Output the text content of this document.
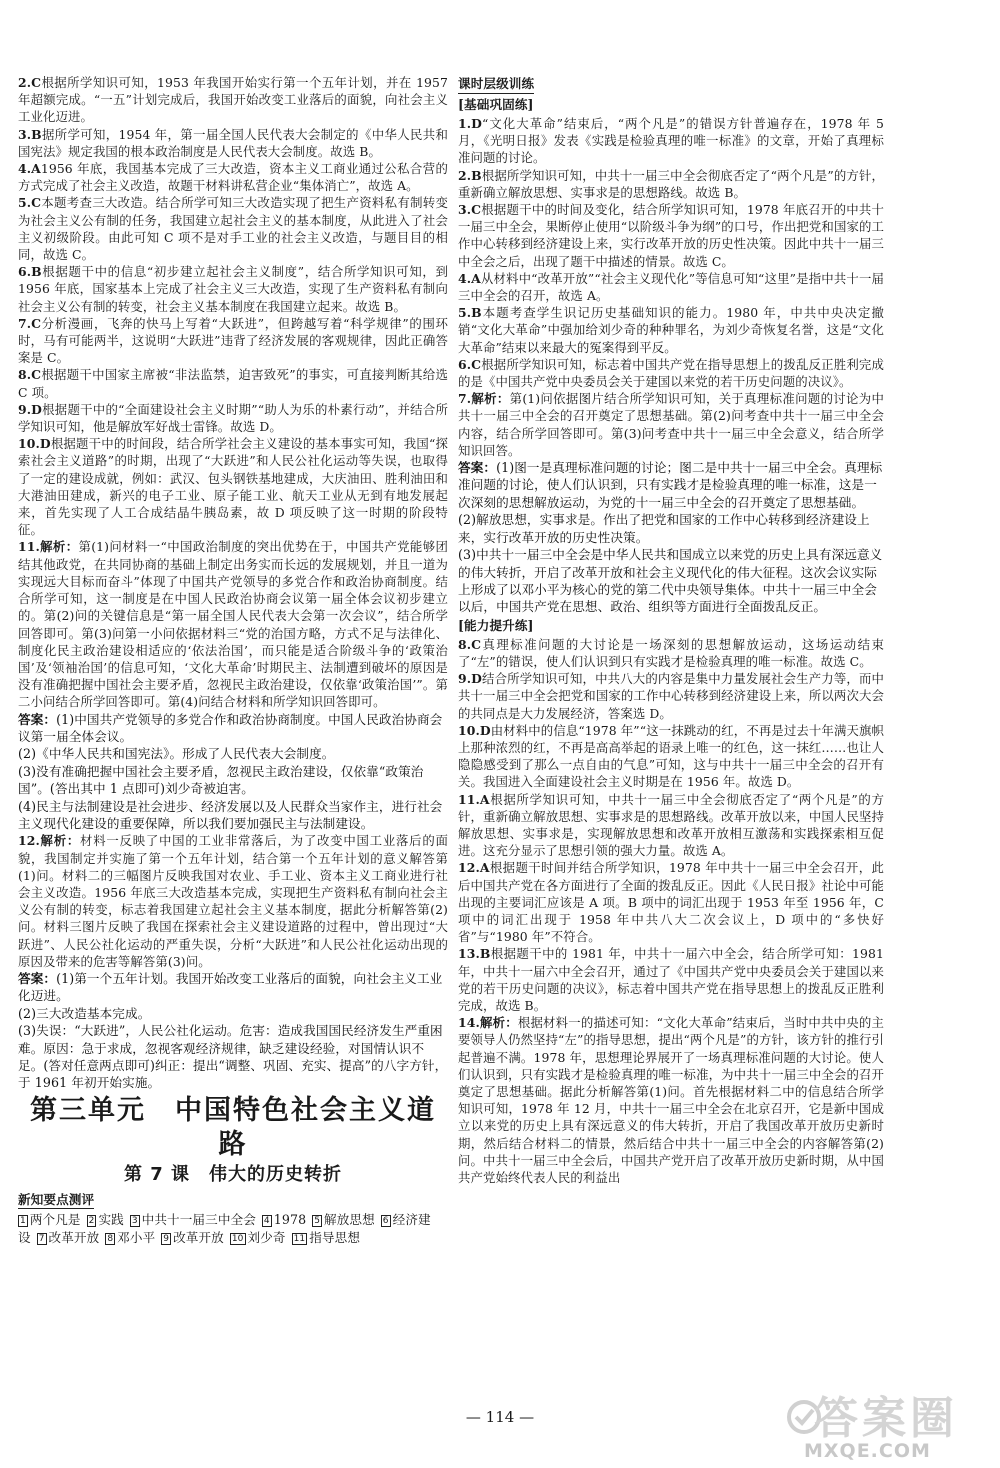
2.C根据所学知识可知，1953 年我国开始实行第一个五年计划，并在 1957 年超额完成。“一五”计划完成后，我国开始改变工业落后的面貌，向社会主义工业化迈进。

3.B据所学可知，1954 年，第一届全国人民代表大会制定的《中华人民共和国宪法》规定我国的根本政治制度是人民代表大会制度。故选 B。

4.A1956 年底，我国基本完成了三大改造，资本主义工商业通过公私合营的方式完成了社会主义改造，故题干材料讲私营企业“集体消亡”，故选 A。

5.C本题考查三大改造。结合所学可知三大改造实现了把生产资料私有制转变为社会主义公有制的任务，我国建立起社会主义的基本制度，从此进入了社会主义初级阶段。由此可知 C 项不是对手工业的社会主义改造，与题目目的相同，故选 C。

6.B根据题干中的信息“初步建立起社会主义制度”，结合所学知识可知，到 1956 年底，国家基本上完成了社会主义三大改造，实现了生产资料私有制向社会主义公有制的转变，社会主义基本制度在我国建立起来。故选 B。

7.C分析漫画，飞奔的快马上写着“大跃进”，但跨越写着“科学规律”的围环时，马有可能两半，这说明“大跃进”违背了经济发展的客观规律，因此正确答案是 C。

8.C根据题干中国家主席被“非法监禁，迫害致死”的事实，可直接判断其给选 C 项。

9.D根据题干中的“全面建设社会主义时期”“助人为乐的朴素行动”，并结合所学知识可知，他是解放军好战士雷锋。故选 D。

10.D根据题干中的时间段，结合所学社会主义建设的基本事实可知，我国“探索社会主义道路”的时期，出现了“大跃进”和人民公社化运动等失误，也取得了一定的建设成就，例如：武汉、包头钢铁基地建成，大庆油田、胜利油田和大港油田建成，新兴的电子工业、原子能工业、航天工业从无到有地发展起来，首先实现了人工合成结晶牛胰岛素，故 D 项反映了这一时期的阶段特征。

11.解析：第(1)问材料一“中国政治制度的突出优势在于，中国共产党能够团结其他政党，在共同协商的基础上制定出务实而长远的发展规划，并且一道为实现远大目标而奋斗”体现了中国共产党领导的多党合作和政治协商制度。结合所学可知，这一制度是在中国人民政治协商会议第一届全体会议初步建立的。第(2)问的关键信息是“第一届全国人民代表大会第一次会议”，结合所学回答即可。第(3)问第一小问依据材料三“党的治国方略，方式不足与法律化、制度化民主政治建设相适应的‘依法治国’，而只能是适合阶级斗争的‘政策治国’及‘领袖治国’的信息可知，‘文化大革命’时期民主、法制遭到破坏的原因是没有准确把握中国社会主要矛盾，忽视民主政治建设，仅依靠‘政策治国’”。第二小问结合所学回答即可。第(4)问结合材料和所学知识回答即可。

答案：(1)中国共产党领导的多党合作和政治协商制度。中国人民政治协商会议第一届全体会议。

(2)《中华人民共和国宪法》。形成了人民代表大会制度。

(3)没有准确把握中国社会主要矛盾，忽视民主政治建设，仅依靠“政策治国”。(答出其中 1 点即可)刘少奇被迫害。

(4)民主与法制建设是社会进步、经济发展以及人民群众当家作主，进行社会主义现代化建设的重要保障，所以我们要加强民主与法制建设。

12.解析：材料一反映了中国的工业非常落后，为了改变中国工业落后的面貌，我国制定并实施了第一个五年计划，结合第一个五年计划的意义解答第(1)问。材料二的三幅图片反映我国对农业、手工业、资本主义工商业进行社会主义改造。1956 年底三大改造基本完成，实现把生产资料私有制向社会主义公有制的转变，标志着我国建立起社会主义基本制度，据此分析解答第(2)问。材料三图片反映了我国在探索社会主义建设道路的过程中，曾出现过“大跃进”、人民公社化运动的严重失误，分析“大跃进”和人民公社化运动出现的原因及带来的危害等解答第(3)问。

答案：(1)第一个五年计划。我国开始改变工业落后的面貌，向社会主义工业化迈进。

(2)三大改造基本完成。

(3)失误：“大跃进”，人民公社化运动。危害：造成我国国民经济发生严重困难。原因：急于求成，忽视客观经济规律，缺乏建设经验，对国情认识不足。(答对任意两点即可)纠正：提出“调整、巩固、充实、提高”的八字方针，于 1961 年初开始实施。

第三单元　中国特色社会主义道路
第 7 课　伟大的历史转折
新知要点测评
1 两个凡是 2 实践 3 中共十一届三中全会 4 1978 5 解放思想 6 经济建设 7 改革开放 8 邓小平 9 改革开放 10 刘少奇 11 指导思想
课时层级训练
[基础巩固练]

1.D“文化大革命”结束后，“两个凡是”的错误方针普遍存在，1978 年 5 月，《光明日报》发表《实践是检验真理的唯一标准》的文章，开始了真理标准问题的讨论。

2.B根据所学知识可知，中共十一届三中全会彻底否定了“两个凡是”的方针，重新确立解放思想、实事求是的思想路线。故选 B。

3.C根据题干中的时间及变化，结合所学知识可知，1978 年底召开的中共十一届三中全会，果断停止使用“以阶级斗争为纲”的口号，作出把党和国家的工作中心转移到经济建设上来，实行改革开放的历史性决策。因此中共十一届三中全会之后，出现了题干中描述的情景。故选 C。

4.A从材料中“改革开放”“社会主义现代化”等信息可知“这里”是指中共十一届三中全会的召开，故选 A。

5.B本题考查学生识记历史基础知识的能力。1980 年，中共中央决定撤销“文化大革命”中强加给刘少奇的种种罪名，为刘少奇恢复名誉，这是“文化大革命”结束以来最大的冤案得到平反。

6.C根据所学知识可知，标志着中国共产党在指导思想上的拨乱反正胜利完成的是《中国共产党中央委员会关于建国以来党的若干历史问题的决议》。

7.解析：第(1)问依据图片结合所学知识可知，关于真理标准问题的讨论为中共十一届三中全会的召开奠定了思想基础。第(2)问考查中共十一届三中全会内容，结合所学回答即可。第(3)问考查中共十一届三中全会意义，结合所学知识回答。

答案：(1)图一是真理标准问题的讨论；图二是中共十一届三中全会。真理标准问题的讨论，使人们认识到，只有实践才是检验真理的唯一标准，这是一次深刻的思想解放运动，为党的十一届三中全会的召开奠定了思想基础。

(2)解放思想，实事求是。作出了把党和国家的工作中心转移到经济建设上来，实行改革开放的历史性决策。

(3)中共十一届三中全会是中华人民共和国成立以来党的历史上具有深远意义的伟大转折，开启了改革开放和社会主义现代化的伟大征程。这次会议实际上形成了以邓小平为核心的党的第二代中央领导集体。中共十一届三中全会以后，中国共产党在思想、政治、组织等方面进行全面拨乱反正。

[能力提升练]

8.C真理标准问题的大讨论是一场深刻的思想解放运动，这场运动结束了“左”的错误，使人们认识到只有实践才是检验真理的唯一标准。故选 C。

9.D结合所学知识可知，中共八大的内容是集中力量发展社会生产力等，而中共十一届三中全会把党和国家的工作中心转移到经济建设上来，所以两次大会的共同点是大力发展经济，答案选 D。

10.D由材料中的信息“1978 年”“这一抹跳动的红，不再是过去十年满天旗帜上那种浓烈的红，不再是高高举起的语录上唯一的红色，这一抹红……也让人隐隐感受到了那么一点自由的气息”可知，这与中共十一届三中全会的召开有关。我国进入全面建设社会主义时期是在 1956 年。故选 D。

11.A根据所学知识可知，中共十一届三中全会彻底否定了“两个凡是”的方针，重新确立解放思想、实事求是的思想路线。改革开放以来，中国人民坚持解放思想、实事求是，实现解放思想和改革开放相互激荡和实践探索相互促进。这充分显示了思想引领的强大力量。故选 A。

12.A根据题干时间并结合所学知识，1978 年中共十一届三中全会召开，此后中国共产党在各方面进行了全面的拨乱反正。因此《人民日报》社论中可能出现的主要词汇应该是 A 项。B 项中的词汇出现于 1953 年至 1956 年，C 项中的词汇出现于 1958 年中共八大二次会议上，D 项中的“多快好省”与“1980 年”不符合。

13.B根据题干中的 1981 年，中共十一届六中全会，结合所学可知：1981 年，中共十一届六中全会召开，通过了《中国共产党中央委员会关于建国以来党的若干历史问题的决议》，标志着中国共产党在指导思想上的拨乱反正胜利完成，故选 B。

14.解析：根据材料一的描述可知：“文化大革命”结束后，当时中共中央的主要领导人仍然坚持“左”的指导思想，提出“两个凡是”的方针，该方针的推行引起普遍不满。1978 年，思想理论界展开了一场真理标准问题的大讨论。使人们认识到，只有实践才是检验真理的唯一标准，为中共十一届三中全会的召开奠定了思想基础。据此分析解答第(1)问。首先根据材料二中的信息结合所学知识可知，1978 年 12 月，中共十一届三中全会在北京召开，它是新中国成立以来党的历史上具有深远意义的伟大转折，开启了我国改革开放历史新时期，然后结合材料二的情景，然后结合中共十一届三中全会的内容解答第(2)问。中共十一届三中全会后，中国共产党开启了改革开放历史新时期，从中国共产党始终代表人民的利益出

— 114 —	答案圈
MXQE.COM
